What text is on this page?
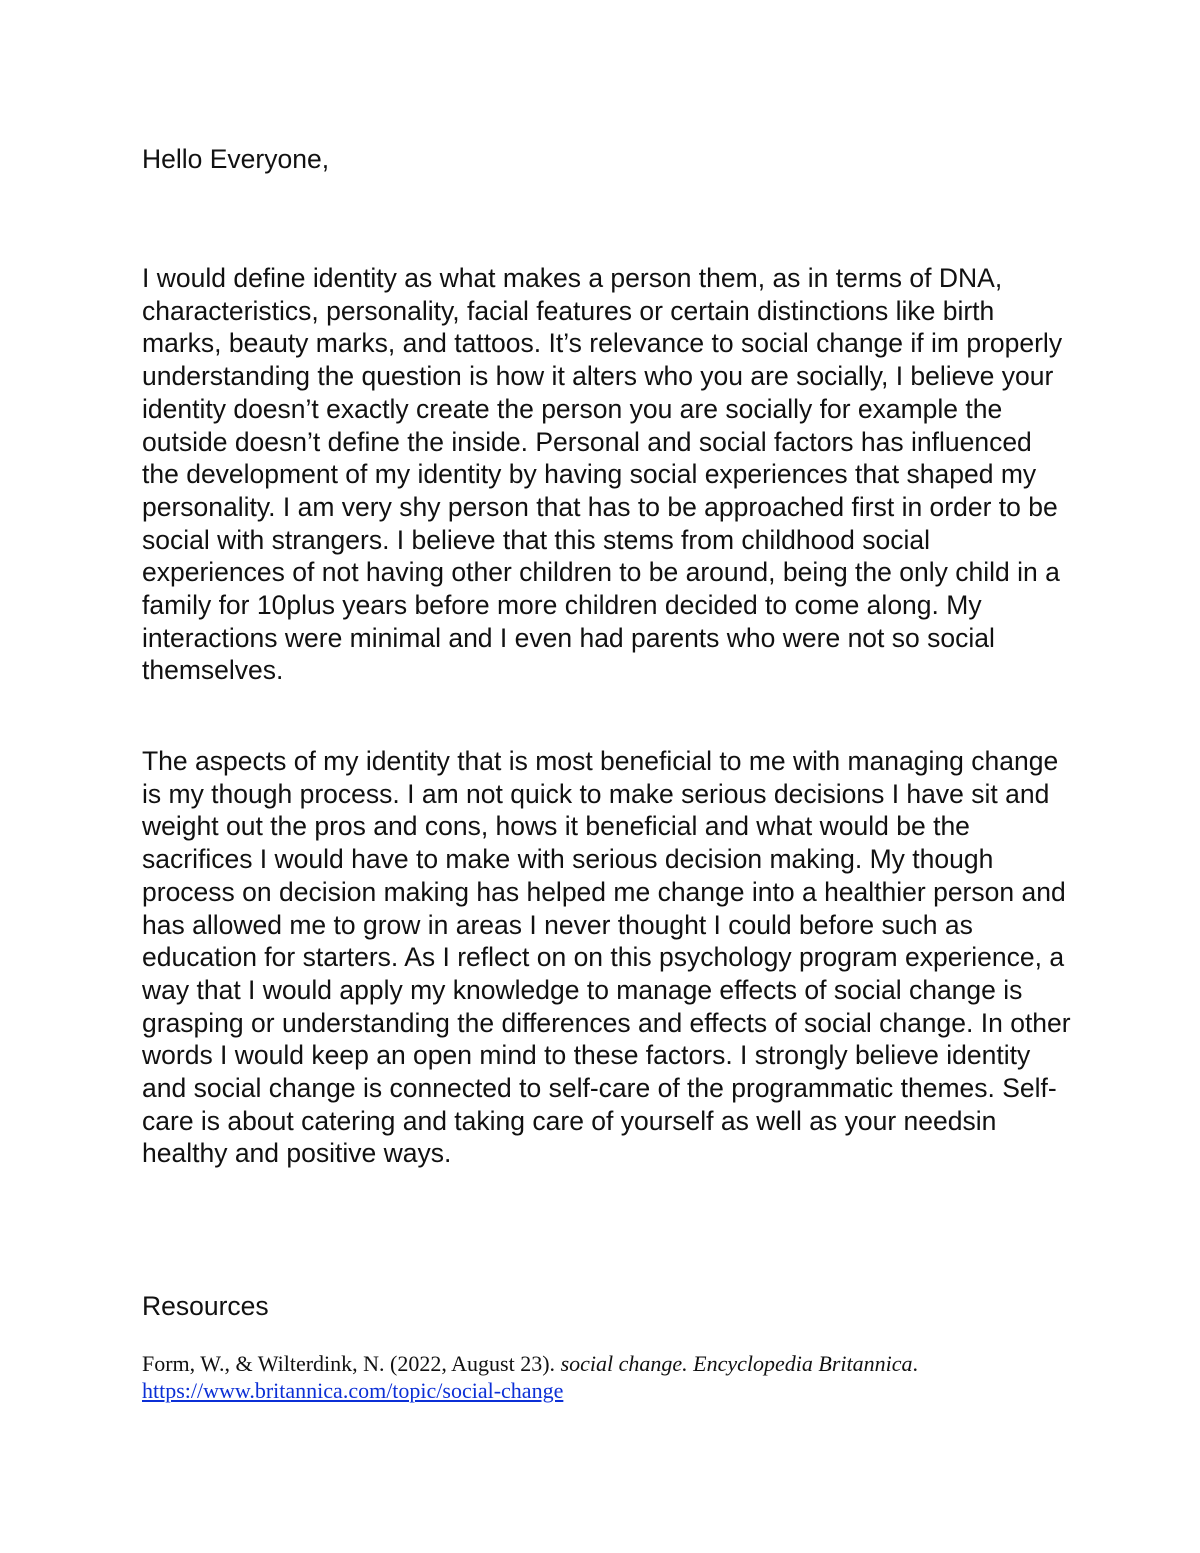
Hello Everyone,

I would define identity as what makes a person them, as in terms of DNA, characteristics, personality, facial features or certain distinctions like birth marks, beauty marks, and tattoos. It’s relevance to social change if im properly understanding the question is how it alters who you are socially, I believe your identity doesn’t exactly create the person you are socially for example the outside doesn’t define the inside. Personal and social factors has influenced the development of my identity by having social experiences that shaped my personality. I am very shy person that has to be approached first in order to be social with strangers. I believe that this stems from childhood social experiences of not having other children to be around, being the only child in a family for 10plus years before more children decided to come along. My interactions were minimal and I even had parents who were not so social themselves.

The aspects of my identity that is most beneficial to me with managing change is my though process. I am not quick to make serious decisions I have sit and weight out the pros and cons, hows it beneficial and what would be the sacrifices I would have to make with serious decision making. My though process on decision making has helped me change into a healthier person and has allowed me to grow in areas I never thought I could before such as education for starters. As I reflect on on this psychology program experience, a way that I would apply my knowledge to manage effects of social change is grasping or understanding the differences and effects of social change. In other words I would keep an open mind to these factors. I strongly believe identity and social change is connected to self-care of the programmatic themes. Self-care is about catering and taking care of yourself as well as your needsin healthy and positive ways.

Resources

Form, W., & Wilterdink, N. (2022, August 23). social change. Encyclopedia Britannica.
https://www.britannica.com/topic/social-change
